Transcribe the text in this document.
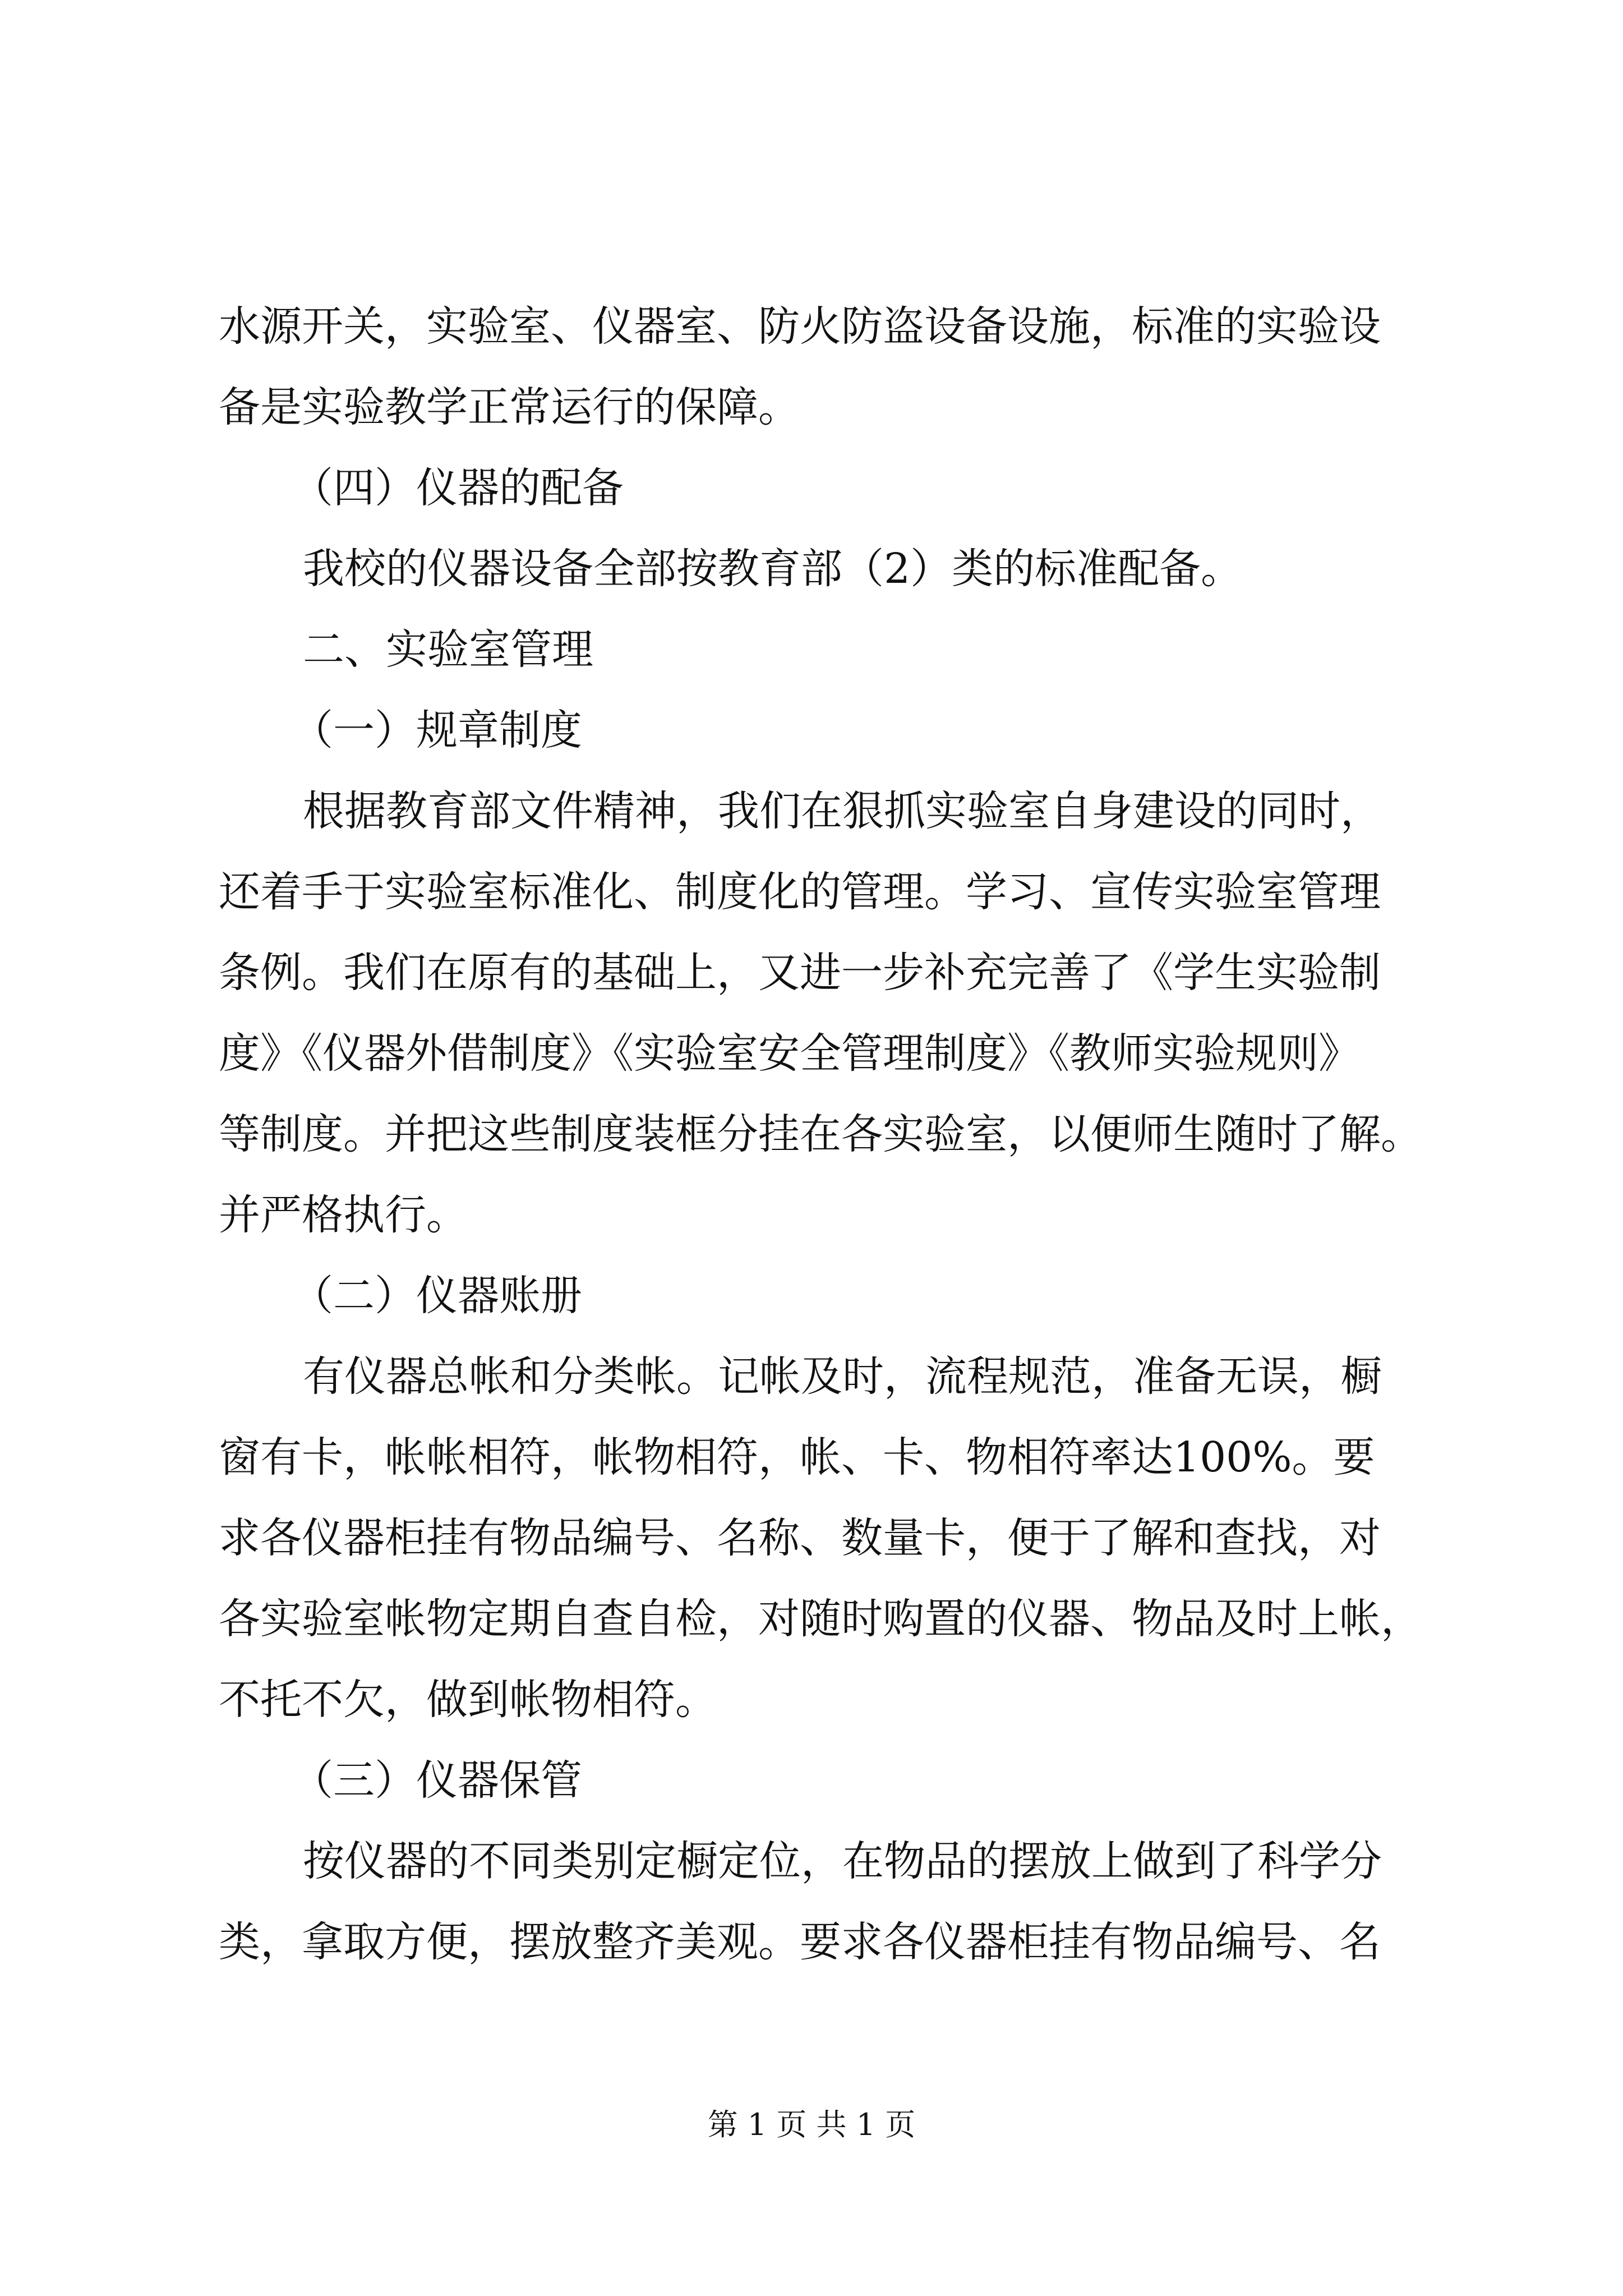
水源开关，实验室、仪器室、防火防盗设备设施，标准的实验设
备是实验教学正常运行的保障。
（四）仪器的配备
我校的仪器设备全部按教育部（2）类的标准配备。
二、实验室管理
（一）规章制度
根据教育部文件精神，我们在狠抓实验室自身建设的同时，
还着手于实验室标准化、制度化的管理。学习、宣传实验室管理
条例。我们在原有的基础上，又进一步补充完善了《学生实验制
度》《仪器外借制度》《实验室安全管理制度》《教师实验规则》
等制度。并把这些制度装框分挂在各实验室，以便师生随时了解。
并严格执行。
（二）仪器账册
有仪器总帐和分类帐。记帐及时，流程规范，准备无误，橱
窗有卡，帐帐相符，帐物相符，帐、卡、物相符率达100%。要
求各仪器柜挂有物品编号、名称、数量卡，便于了解和查找，对
各实验室帐物定期自查自检，对随时购置的仪器、物品及时上帐，
不托不欠，做到帐物相符。
（三）仪器保管
按仪器的不同类别定橱定位，在物品的摆放上做到了科学分
类，拿取方便，摆放整齐美观。要求各仪器柜挂有物品编号、名
第 1 页 共 1 页
